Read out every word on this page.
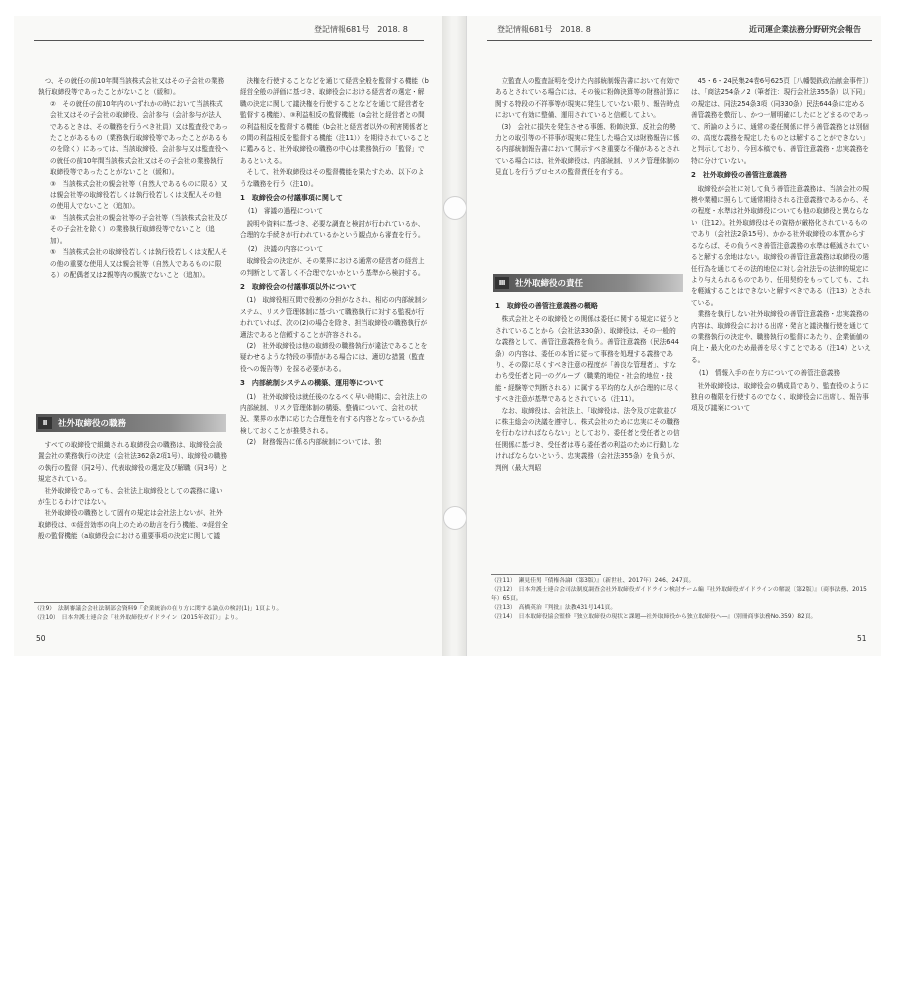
登記情報681号　2018. 8

つ、その就任の前10年間当該株式会社又はその子会社の業務執行取締役等であったことがないこと（緩和）。

②　その就任の前10年内のいずれかの時において当該株式会社又はその子会社の取締役、会計参与（会計参与が法人であるときは、その職務を行うべき社員）又は監査役であったことがあるもの（業務執行取締役等であったことがあるものを除く）にあっては、当該取締役、会計参与又は監査役への就任の前10年間当該株式会社又はその子会社の業務執行取締役等であったことがないこと（緩和）。

③　当該株式会社の親会社等（自然人であるものに限る）又は親会社等の取締役若しくは執行役若しくは支配人その他の使用人でないこと（追加）。

④　当該株式会社の親会社等の子会社等（当該株式会社及びその子会社を除く）の業務執行取締役等でないこと（追加）。

⑤　当該株式会社の取締役若しくは執行役若しくは支配人その他の重要な使用人又は親会社等（自然人であるものに限る）の配偶者又は2親等内の親族でないこと（追加）。

Ⅱ	社外取締役の職務

すべての取締役で組織される取締役会の職務は、取締役会設置会社の業務執行の決定（会社法362条2項1号）、取締役の職務の執行の監督（同2号）、代表取締役の選定及び解職（同3号）と規定されている。

社外取締役であっても、会社法上取締役としての義務に違いが生じるわけではない。

社外取締役の職務として固有の規定は会社法上ないが、社外取締役は、①経営効率の向上のための助言を行う機能、②経営全般の監督機能（a取締役会における重要事項の決定に関して議

決権を行使することなどを通じて経営全般を監督する機能（b経営全般の評価に基づき、取締役会における経営者の選定・解職の決定に関して議決権を行使することなどを通じて経営者を監督する機能）、③利益相反の監督機能（a会社と経営者との間の利益相反を監督する機能（b会社と経営者以外の利害関係者との間の利益相反を監督する機能（注11））を期待されていることに鑑みると、社外取締役の職務の中心は業務執行の「監督」であるといえる。

そして、社外取締役はその監督機能を果たすため、以下のような職務を行う（注10）。

1　取締役会の付議事項に関して
(1)　審議の過程について

説明や資料に基づき、必要な調査と検討が行われているか、合理的な手続きが行われているかという観点から審査を行う。

(2)　決議の内容について

取締役会の決定が、その業界における通常の経営者の経営上の判断として著しく不合理でないかという基準から検討する。

2　取締役会の付議事項以外について

(1)　取締役相互間で役割の分担がなされ、相応の内部統制システム、リスク管理体制に基づいて職務執行に対する監視が行われていれば、次の(2)の場合を除き、担当取締役の職務執行が適法であると信頼することが許容される。

(2)　社外取締役は他の取締役の職務執行が違法であることを疑わせるような特段の事情がある場合には、適切な措置（監査役への報告等）を採る必要がある。

3　内部統制システムの構築、運用等について

(1)　社外取締役は就任後のなるべく早い時期に、会社法上の内部統制、リスク管理体制の構築、整備について、会社の状況、業界の水準に応じた合理性を有する内容となっているか点検しておくことが推奨される。

(2)　財務報告に係る内部統制については、独

（注9）　法制審議会会社法制部会資料9「企業統治の在り方に関する論点の検討(1)」1頁より。
（注10）　日本弁護士連合会「社外取締役ガイドライン（2015年改訂）」より。
50
登記情報681号　2018. 8	近司運企業法務分野研究会報告

立監査人の監査証明を受けた内部統制報告書において有効であるとされている場合には、その後に粉飾決算等の財務計算に関する特段の不祥事等が現実に発生していない限り、報告時点において有効に整備、運用されていると信頼してよい。

(3)　会社に損失を発生させる事態、粉飾決算、反社会的勢力との取引等の不祥事が現実に発生した場合又は財務報告に係る内部統制報告書において開示すべき重要な不備があるとされている場合には、社外取締役は、内部統制、リスク管理体制の見直しを行うプロセスの監督責任を有する。

Ⅲ	社外取締役の責任
1　取締役の善管注意義務の概略

株式会社とその取締役との関係は委任に関する規定に従うとされていることから（会社法330条）、取締役は、その一般的な義務として、善管注意義務を負う。善管注意義務（民法644条）の内容は、委任の本旨に従って事務を処理する義務であり、その際に尽くすべき注意の程度が「善良な管理者」、すなわち受任者と同一のグループ（職業的地位・社会的地位・技能・経験等で判断される）に属する平均的な人が合理的に尽くすべき注意が基準であるとされている（注11）。

なお、取締役は、会社法上、「取締役は、法令及び定款並びに株主総会の決議を遵守し、株式会社のために忠実にその職務を行わなければならない」としており、委任者と受任者との信任関係に基づき、受任者は専ら委任者の利益のために行動しなければならないという、忠実義務（会社法355条）を負うが、判例（最大判昭

45・6・24民集24巻6号625頁［八幡製鉄政治献金事件］）は、「商法254条ノ2（筆者注：現行会社法355条）以下同」の規定は、同法254条3項（同330条）民法644条に定める善管義務を敷衍し、かつ一層明確にしたにとどまるのであって、所論のように、通常の委任関係に伴う善管義務とは別個の、高度な義務を規定したものとは解することができない」と判示しており、今回本稿でも、善管注意義務・忠実義務を特に分けていない。

2　社外取締役の善管注意義務

取締役が会社に対して負う善管注意義務は、当該会社の規模や業種に照らして通常期待される注意義務であるから、その程度・水準は社外取締役についても他の取締役と異ならない（注12）。社外取締役はその資格が厳格化されているものであり（会社法2条15号）、かかる社外取締役の本質からするならば、その負うべき善管注意義務の水準は軽減されていると解する余地はない。取締役の善管注意義務は取締役の選任行為を通じてその法的地位に対し会社法등の法律的規定により与えられるものであり、任用契約をもってしても、これを軽減することはできないと解すべきである（注13）とされている。

業務を執行しない社外取締役の善管注意義務・忠実義務の内容は、取締役会における出席・発言と議決権行使を通じての業務執行の決定や、職務執行の監督にあたり、企業価値の向上・最大化のため最善を尽くすことである（注14）といえる。

(1)　情報入手の在り方についての善管注意義務

社外取締役は、取締役会の構成員であり、監査役のように独自の権限を行使するのでなく、取締役会に出席し、報告事項及び議案について

（注11）　瀬見佳男『債権各論Ⅰ（第3版）』（新世社、2017年）246、247頁。
（注12）　日本弁護士連合会司法制度調査会社外取締役ガイドライン検討チーム編『社外取締役ガイドラインの解説〔第2版〕』（商事法務、2015年）65頁。
（注13）　高橋英治『判批』法教431号141頁。
（注14）　日本取締役協会監修『独立取締役の現状と課題―社外取締役から独立取締役へ―』（別冊商事法務No.359）82頁。
51
